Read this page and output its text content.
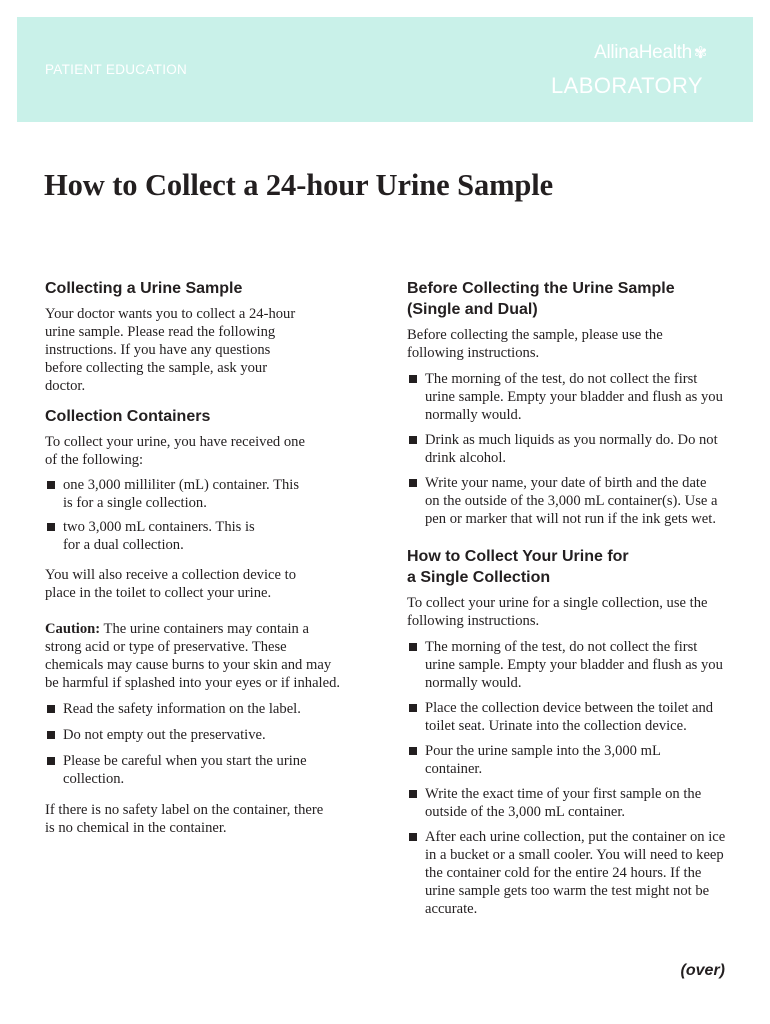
PATIENT EDUCATION
AllinaHealth ✾
LABORATORY
How to Collect a 24-hour Urine Sample
Collecting a Urine Sample

Your doctor wants you to collect a 24-hour urine sample. Please read the following instructions. If you have any questions before collecting the sample, ask your doctor.

Collection Containers

To collect your urine, you have received one of the following:

one 3,000 milliliter (mL) container. This is for a single collection.
two 3,000 mL containers. This is for a dual collection.

You will also receive a collection device to place in the toilet to collect your urine.

Caution: The urine containers may contain a strong acid or type of preservative. These chemicals may cause burns to your skin and may be harmful if splashed into your eyes or if inhaled.

Read the safety information on the label.
Do not empty out the preservative.
Please be careful when you start the urine collection.

If there is no safety label on the container, there is no chemical in the container.

Before Collecting the Urine Sample (Single and Dual)

Before collecting the sample, please use the following instructions.

The morning of the test, do not collect the first urine sample. Empty your bladder and flush as you normally would.
Drink as much liquids as you normally do. Do not drink alcohol.
Write your name, your date of birth and the date on the outside of the 3,000 mL container(s). Use a pen or marker that will not run if the ink gets wet.
How to Collect Your Urine for a Single Collection

To collect your urine for a single collection, use the following instructions.

The morning of the test, do not collect the first urine sample. Empty your bladder and flush as you normally would.
Place the collection device between the toilet and toilet seat. Urinate into the collection device.
Pour the urine sample into the 3,000 mL container.
Write the exact time of your first sample on the outside of the 3,000 mL container.
After each urine collection, put the container on ice in a bucket or a small cooler. You will need to keep the container cold for the entire 24 hours. If the urine sample gets too warm the test might not be accurate.
(over)
